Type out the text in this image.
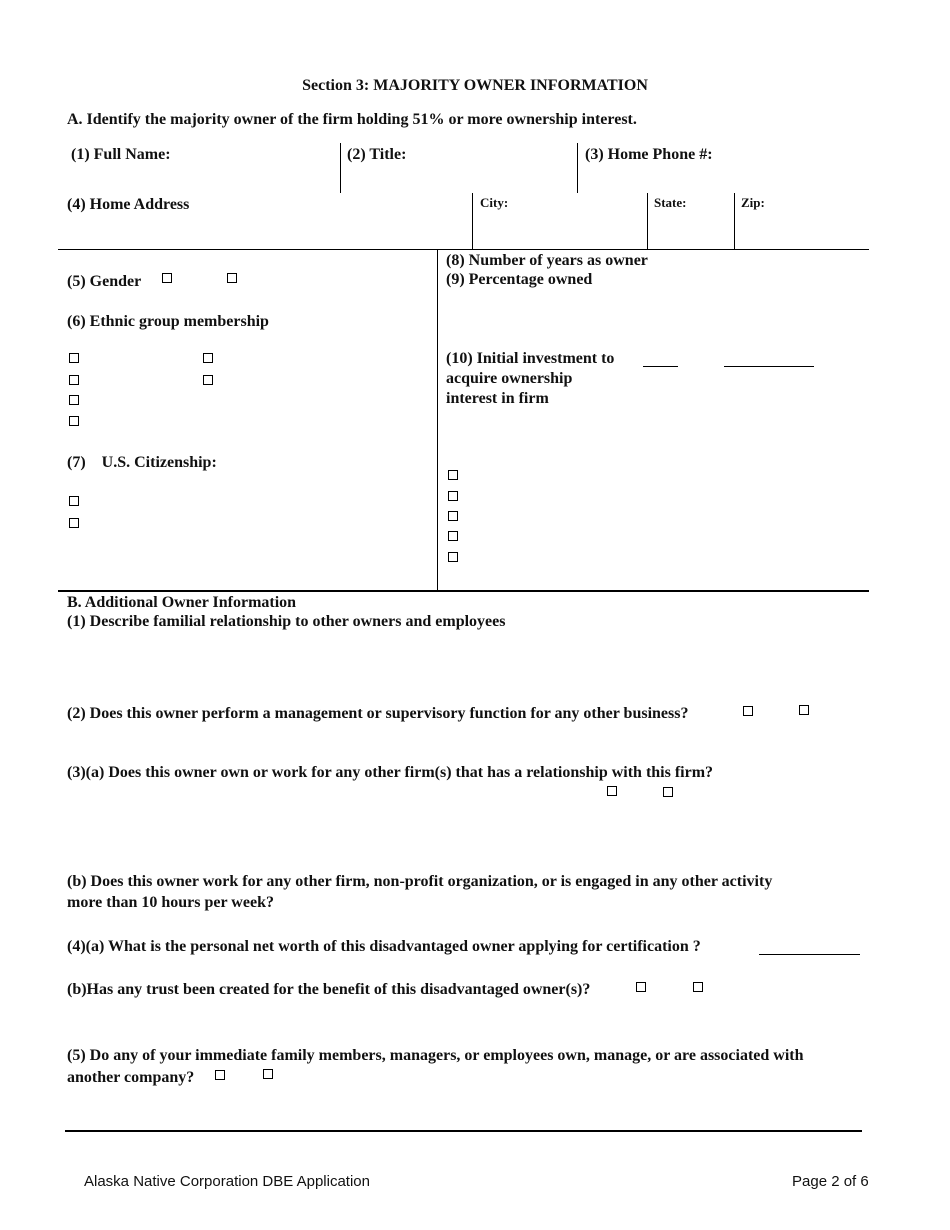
Section 3: MAJORITY OWNER INFORMATION
A. Identify the majority owner of the firm holding 51% or more ownership interest.
(1) Full Name:	(2) Title:	(3) Home Phone #:
(4) Home Address	City:	State:	Zip:
(5) Gender
(6) Ethnic group membership
(7)    U.S. Citizenship:
(8) Number of years as owner
(9) Percentage owned
(10) Initial investment to
acquire ownership
interest in firm
B. Additional Owner Information
(1) Describe familial relationship to other owners and employees
(2) Does this owner perform a management or supervisory function for any other business?
(3)(a) Does this owner own or work for any other firm(s) that has a relationship with this firm?
(b) Does this owner work for any other firm, non-profit organization, or is engaged in any other activity
more than 10 hours per week?
(4)(a) What is the personal net worth of this disadvantaged owner applying for certification ?
(b)Has any trust been created for the benefit of this disadvantaged owner(s)?
(5) Do any of your immediate family members, managers, or employees own, manage, or are associated with
another company?
Alaska Native Corporation DBE Application	Page 2 of 6
